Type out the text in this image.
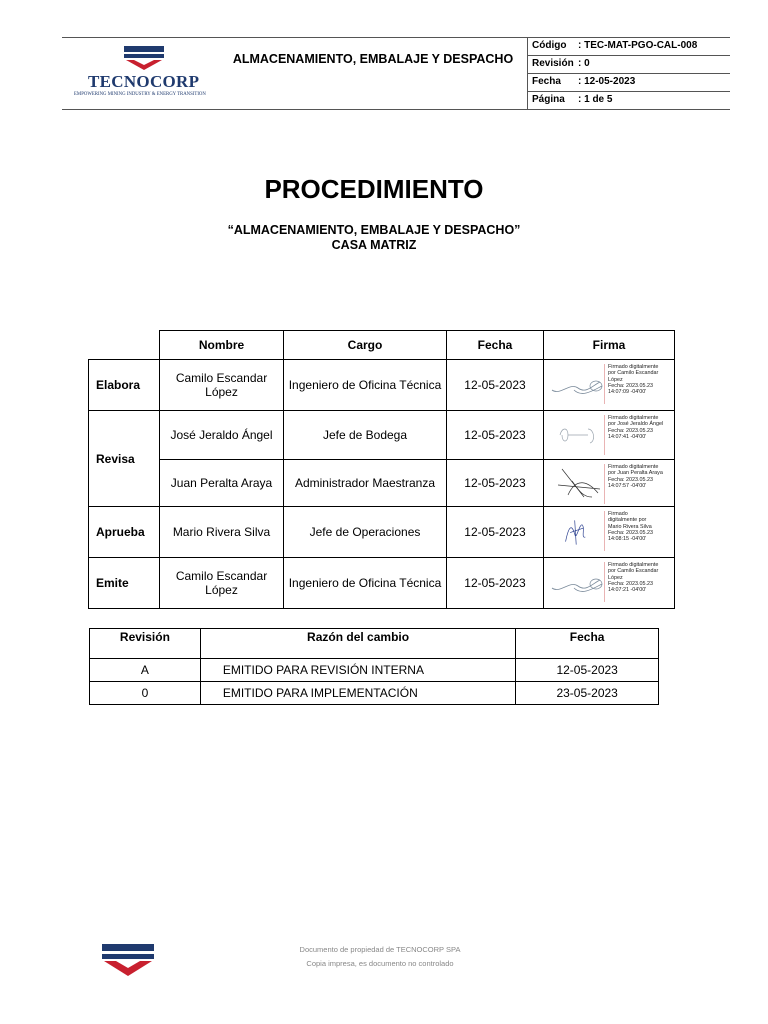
TECNOCORP
EMPOWERING MINING INDUSTRY & ENERGY TRANSITION
ALMACENAMIENTO, EMBALAJE Y DESPACHO
Código : TEC-MAT-PGO-CAL-008
Revisión : 0
Fecha : 12-05-2023
Página : 1 de 5
PROCEDIMIENTO
“ALMACENAMIENTO, EMBALAJE Y DESPACHO”
CASA MATRIZ
	Nombre	Cargo	Fecha	Firma
Elabora	Camilo Escandar López	Ingeniero de Oficina Técnica	12-05-2023	Firmado digitalmente
por Camilo Escandar
López
Fecha: 2023.05.23
14:07:09 -04'00'

Revisa	José Jeraldo Ángel	Jefe de Bodega	12-05-2023	Firmado digitalmente
por José Jeraldo Ángel
Fecha: 2023.05.23
14:07:41 -04'00'

	Juan Peralta Araya	Administrador Maestranza	12-05-2023	Firmado digitalmente
por Juan Peralta Araya
Fecha: 2023.05.23
14:07:57 -04'00'

Aprueba	Mario Rivera Silva	Jefe de Operaciones	12-05-2023	Firmado
digitalmente por
Mario Rivera Silva
Fecha: 2023.05.23
14:08:15 -04'00'

Emite	Camilo Escandar López	Ingeniero de Oficina Técnica	12-05-2023	Firmado digitalmente
por Camilo Escandar
López
Fecha: 2023.05.23
14:07:21 -04'00'
Revisión	Razón del cambio	Fecha
A	EMITIDO PARA REVISIÓN INTERNA	12-05-2023
0	EMITIDO PARA IMPLEMENTACIÓN	23-05-2023
Documento de propiedad de TECNOCORP SPA
Copia impresa, es documento no controlado
